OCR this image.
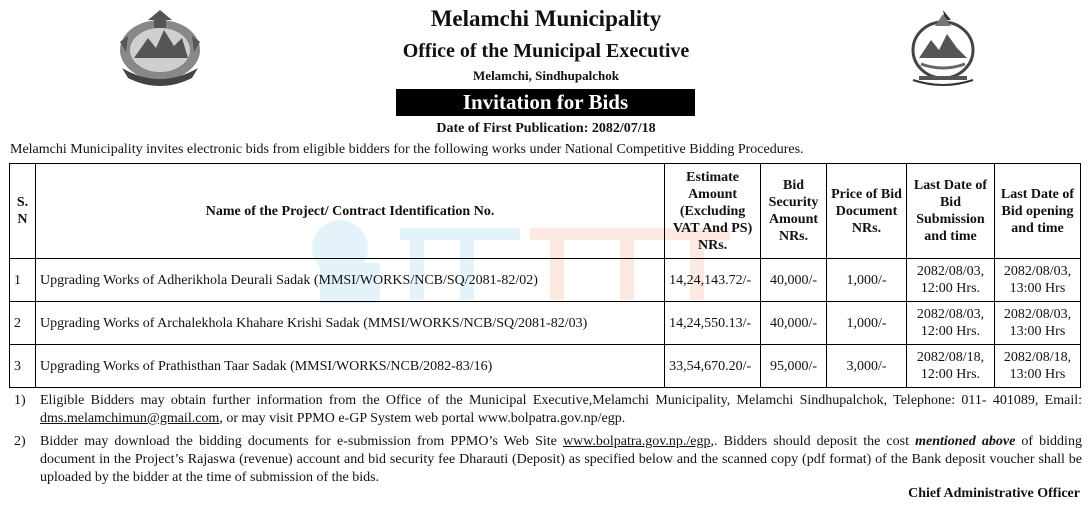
Melamchi Municipality
Office of the Municipal Executive
Melamchi, Sindhupalchok
Invitation for Bids
Date of First Publication: 2082/07/18
Melamchi Municipality invites electronic bids from eligible bidders for the following works under National Competitive Bidding Procedures.
S. N	Name of the Project/ Contract Identification No.	Estimate Amount (Excluding VAT And PS) NRs.	Bid Security Amount NRs.	Price of Bid Document NRs.	Last Date of Bid Submission and time	Last Date of Bid opening and time
1	Upgrading Works of Adherikhola Deurali Sadak (MMSI/WORKS/NCB/SQ/2081-82/02)	14,24,143.72/-	40,000/-	1,000/-	2082/08/03, 12:00 Hrs.	2082/08/03, 13:00 Hrs
2	Upgrading Works of Archalekhola Khahare Krishi Sadak (MMSI/WORKS/NCB/SQ/2081-82/03)	14,24,550.13/-	40,000/-	1,000/-	2082/08/03, 12:00 Hrs.	2082/08/03, 13:00 Hrs
3	Upgrading Works of Prathisthan Taar Sadak (MMSI/WORKS/NCB/2082-83/16)	33,54,670.20/-	95,000/-	3,000/-	2082/08/18, 12:00 Hrs.	2082/08/18, 13:00 Hrs
1) Eligible Bidders may obtain further information from the Office of the Municipal Executive,Melamchi Municipality, Melamchi Sindhupalchok, Telephone: 011- 401089, Email: dms.melamchimun@gmail.com, or may visit PPMO e-GP System web portal www.bolpatra.gov.np/egp.
2) Bidder may download the bidding documents for e-submission from PPMO’s Web Site www.bolpatra.gov.np./egp,. Bidders should deposit the cost mentioned above of bidding document in the Project’s Rajaswa (revenue) account and bid security fee Dharauti (Deposit) as specified below and the scanned copy (pdf format) of the Bank deposit voucher shall be uploaded by the bidder at the time of submission of the bids.
Chief Administrative Officer
